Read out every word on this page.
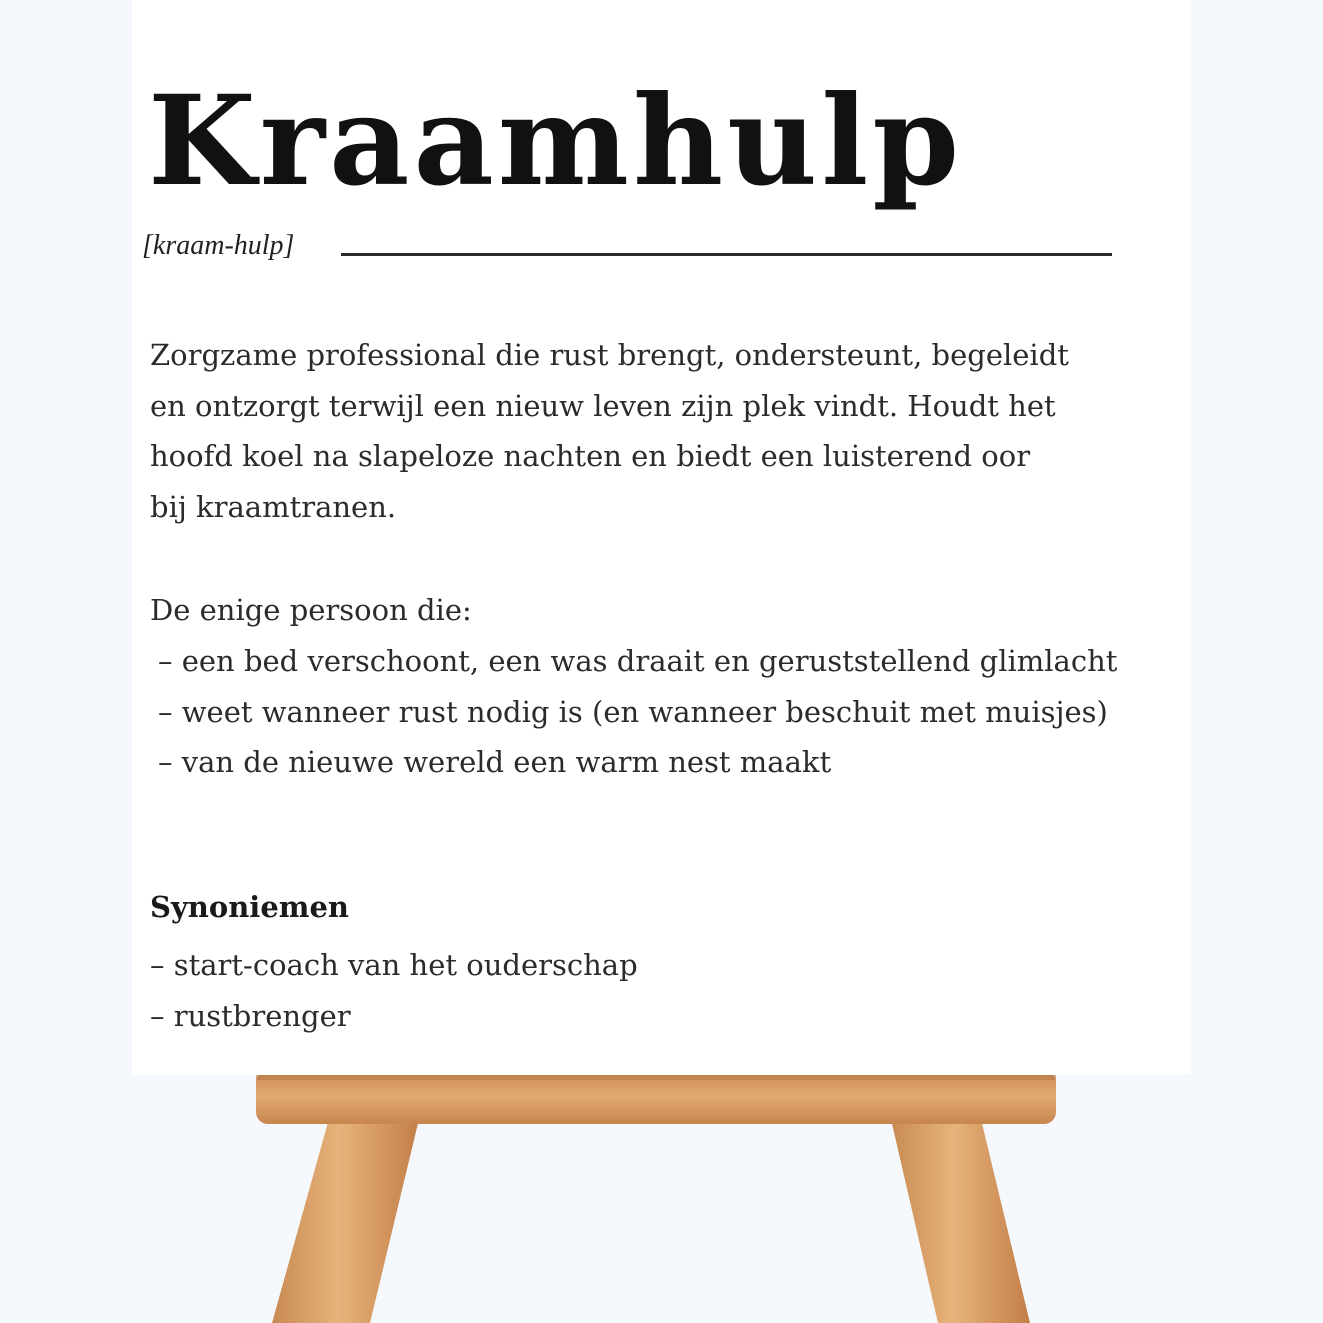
Kraamhulp
[kraam-hulp]
Zorgzame professional die rust brengt, ondersteunt, begeleidt
en ontzorgt terwijl een nieuw leven zijn plek vindt. Houdt het
hoofd koel na slapeloze nachten en biedt een luisterend oor
bij kraamtranen.
De enige persoon die:
– een bed verschoont, een was draait en geruststellend glimlacht
– weet wanneer rust nodig is (en wanneer beschuit met muisjes)
– van de nieuwe wereld een warm nest maakt
Synoniemen
– start-coach van het ouderschap
– rustbrenger
